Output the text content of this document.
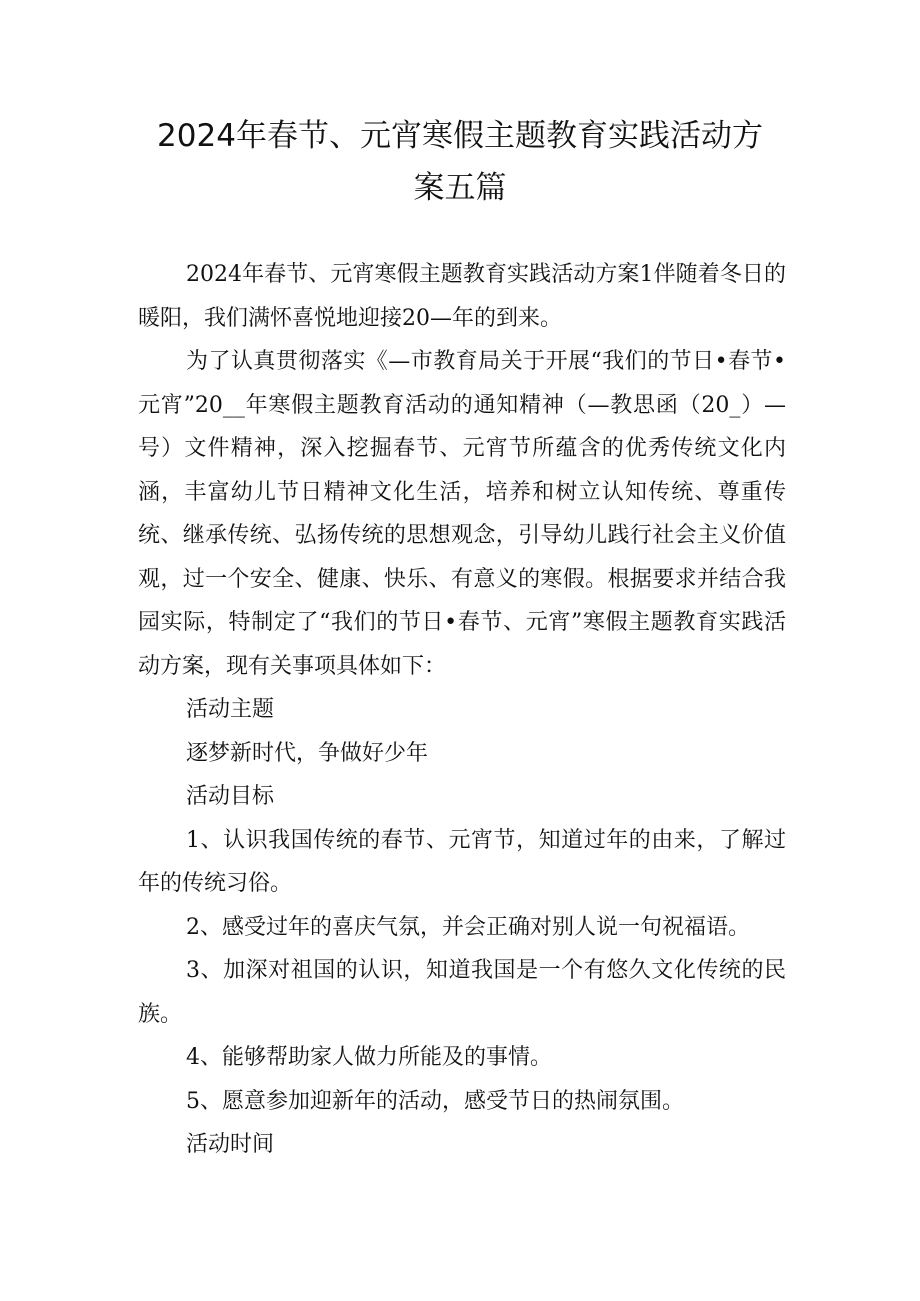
2024年春节、元宵寒假主题教育实践活动方
案五篇

2024年春节、元宵寒假主题教育实践活动方案1伴随着冬日的暖阳，我们满怀喜悦地迎接20—年的到来。

为了认真贯彻落实《—市教育局关于开展“我们的节日•春节•元宵”20__年寒假主题教育活动的通知精神（—教思函（20_）—号）文件精神，深入挖掘春节、元宵节所蕴含的优秀传统文化内涵，丰富幼儿节日精神文化生活，培养和树立认知传统、尊重传统、继承传统、弘扬传统的思想观念，引导幼儿践行社会主义价值观，过一个安全、健康、快乐、有意义的寒假。根据要求并结合我园实际，特制定了“我们的节日•春节、元宵”寒假主题教育实践活动方案，现有关事项具体如下：

活动主题

逐梦新时代，争做好少年

活动目标

1、认识我国传统的春节、元宵节，知道过年的由来，了解过年的传统习俗。

2、感受过年的喜庆气氛，并会正确对别人说一句祝福语。

3、加深对祖国的认识，知道我国是一个有悠久文化传统的民族。

4、能够帮助家人做力所能及的事情。

5、愿意参加迎新年的活动，感受节日的热闹氛围。

活动时间
